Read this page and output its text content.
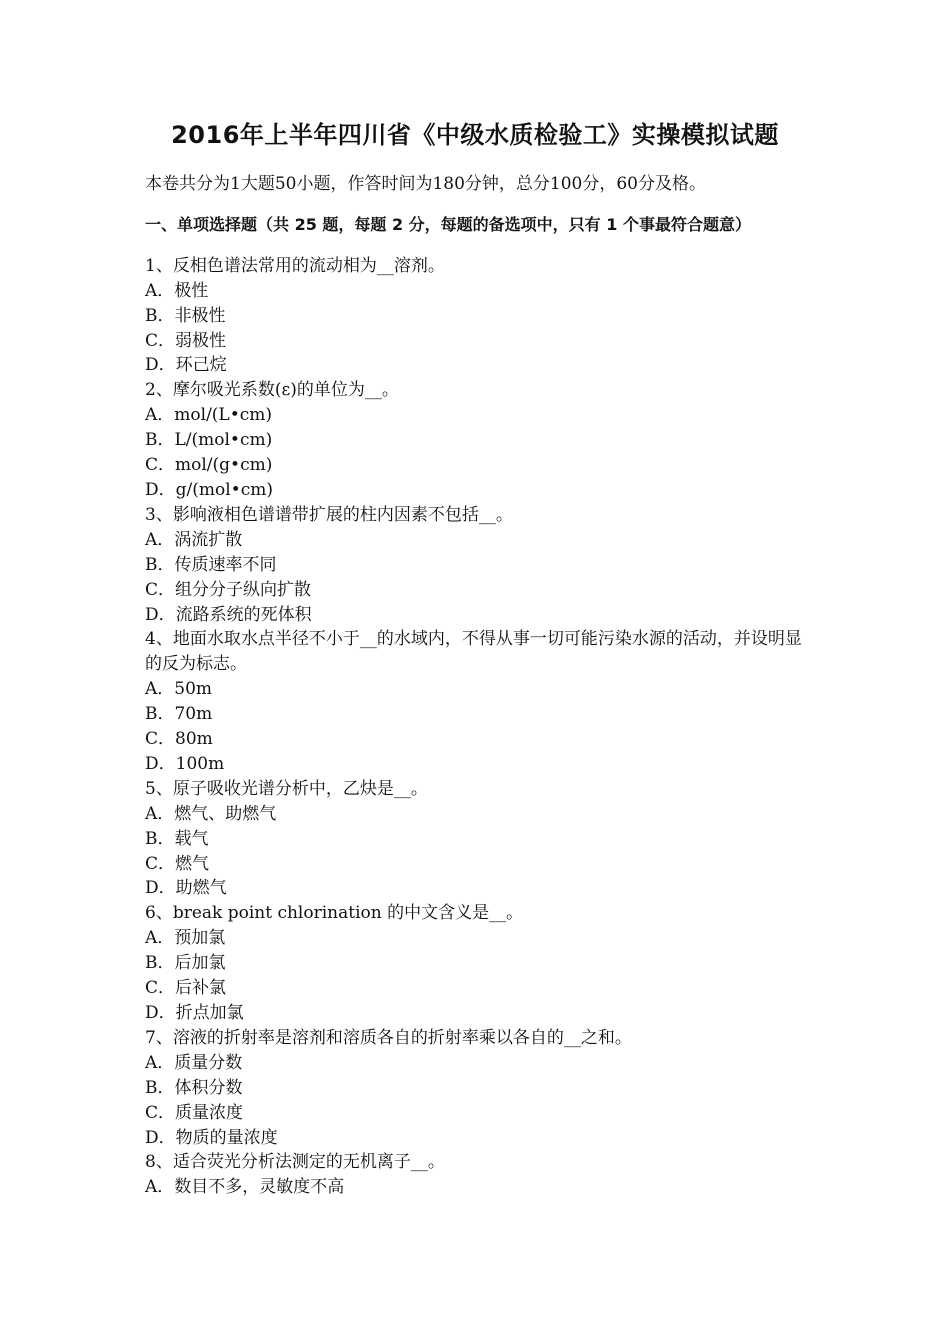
2016年上半年四川省《中级水质检验工》实操模拟试题

本卷共分为1大题50小题，作答时间为180分钟，总分100分，60分及格。

一、单项选择题（共 25 题，每题 2 分，每题的备选项中，只有 1 个事最符合题意）

1、反相色谱法常用的流动相为__溶剂。

A．极性

B．非极性

C．弱极性

D．环己烷

2、摩尔吸光系数(ε)的单位为__。

A．mol/(L•cm)

B．L/(mol•cm)

C．mol/(g•cm)

D．g/(mol•cm)

3、影响液相色谱谱带扩展的柱内因素不包括__。

A．涡流扩散

B．传质速率不同

C．组分分子纵向扩散

D．流路系统的死体积

4、地面水取水点半径不小于__的水域内，不得从事一切可能污染水源的活动，并设明显的反为标志。

A．50m

B．70m

C．80m

D．100m

5、原子吸收光谱分析中，乙炔是__。

A．燃气、助燃气

B．载气

C．燃气

D．助燃气

6、break point chlorination 的中文含义是__。

A．预加氯

B．后加氯

C．后补氯

D．折点加氯

7、溶液的折射率是溶剂和溶质各自的折射率乘以各自的__之和。

A．质量分数

B．体积分数

C．质量浓度

D．物质的量浓度

8、适合荧光分析法测定的无机离子__。

A．数目不多，灵敏度不高
